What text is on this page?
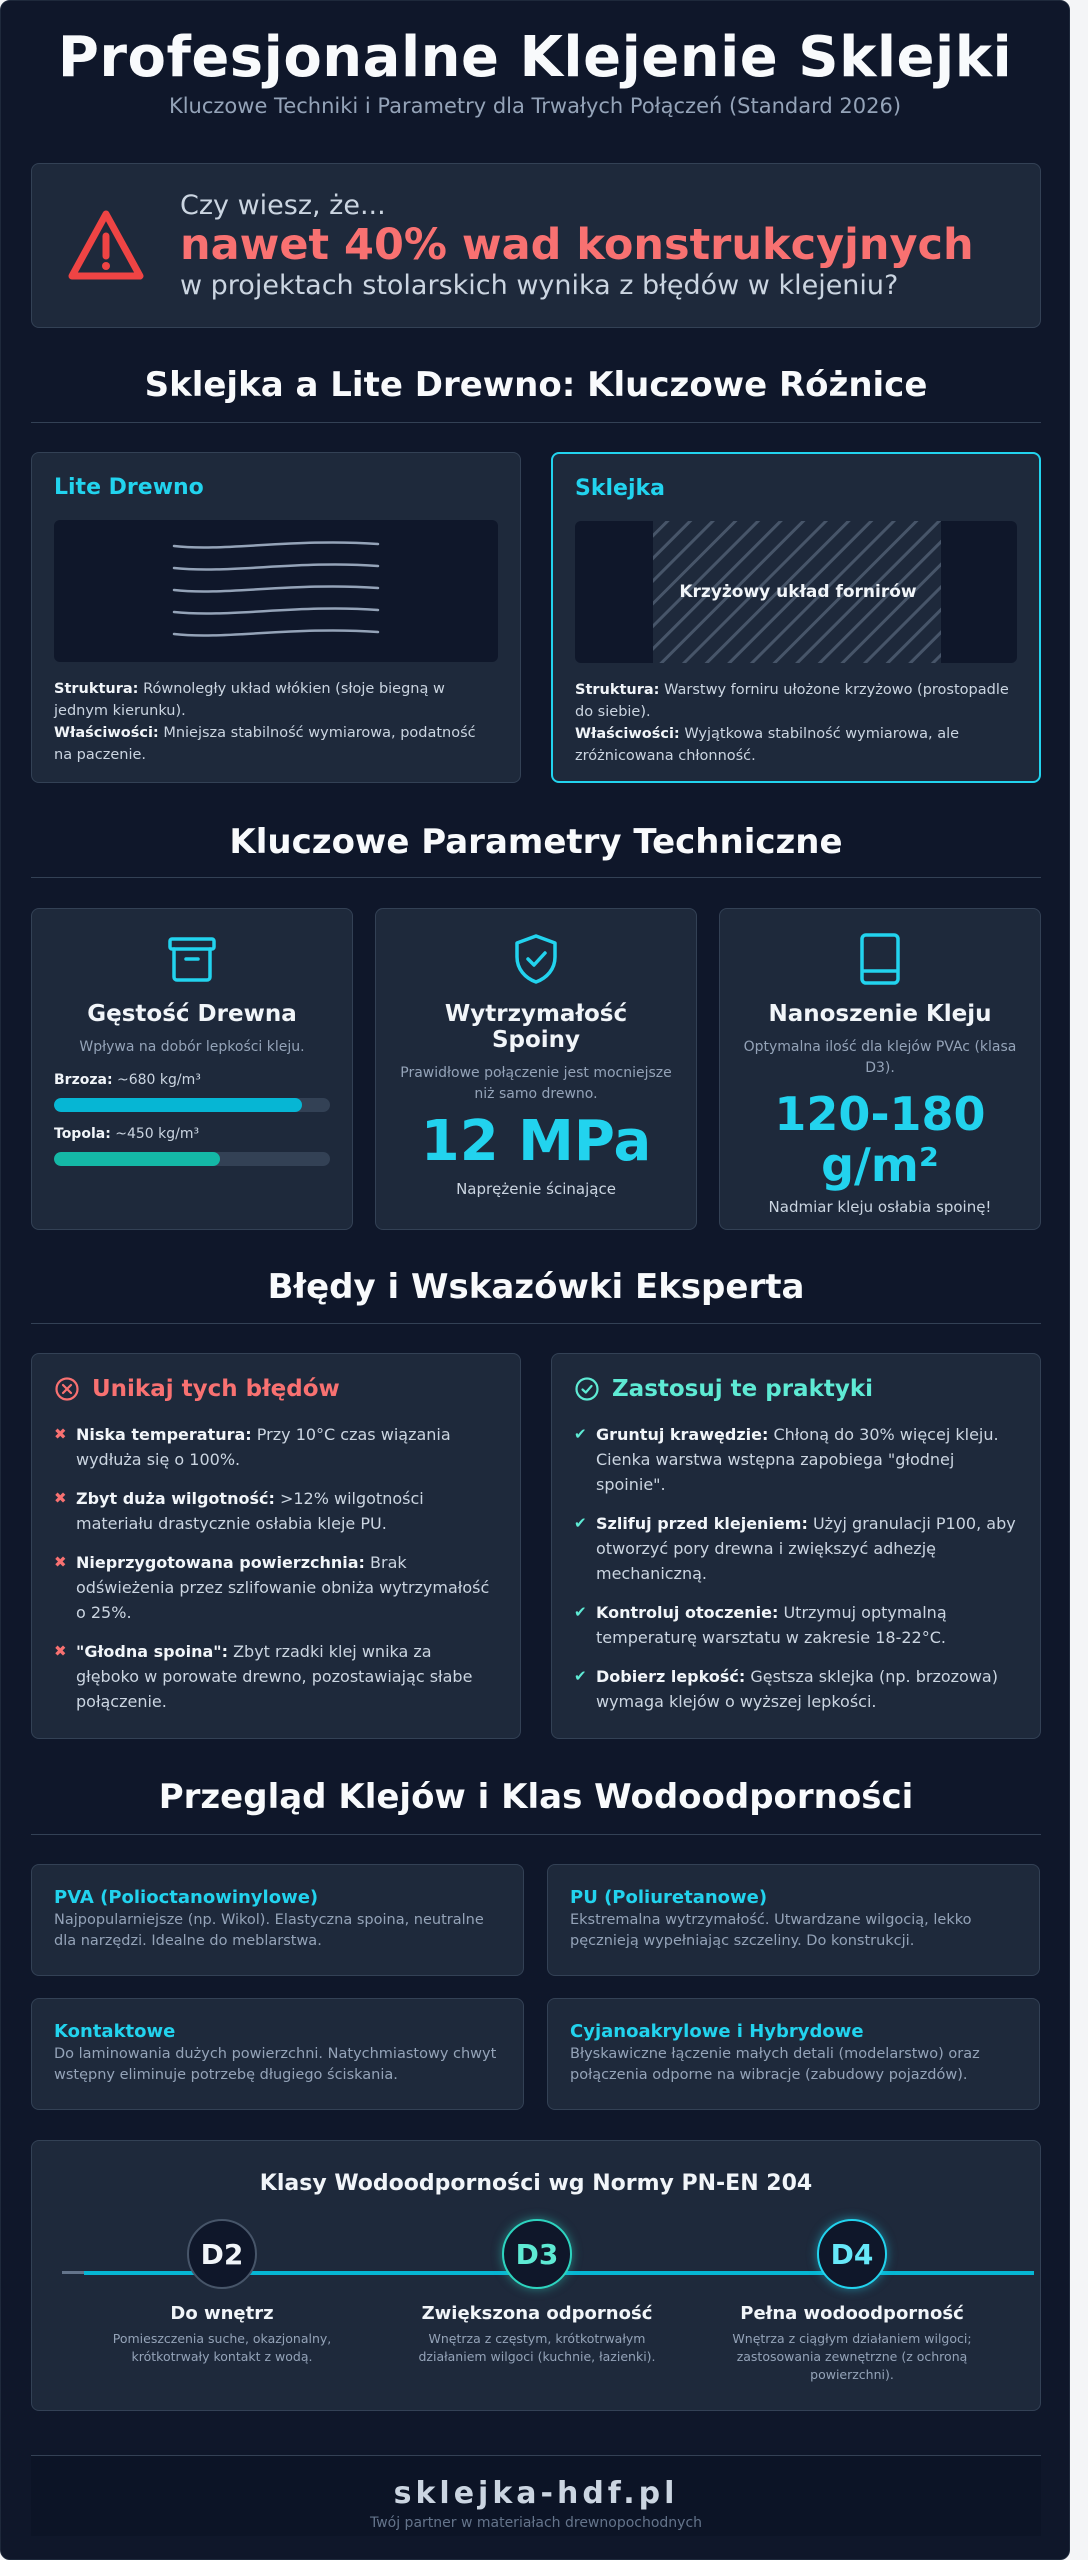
Profesjonalne Klejenie Sklejki
Kluczowe Techniki i Parametry dla Trwałych Połączeń (Standard 2026)
Czy wiesz, że...
nawet 40% wad konstrukcyjnych
w projektach stolarskich wynika z błędów w klejeniu?
Sklejka a Lite Drewno: Kluczowe Różnice
Lite Drewno
Struktura: Równoległy układ włókien (słoje biegną w jednym kierunku).
Właściwości: Mniejsza stabilność wymiarowa, podatność na paczenie.
Sklejka
Krzyżowy układ fornirów
Struktura: Warstwy forniru ułożone krzyżowo (prostopadle do siebie).
Właściwości: Wyjątkowa stabilność wymiarowa, ale zróżnicowana chłonność.
Kluczowe Parametry Techniczne
Gęstość Drewna
Wpływa na dobór lepkości kleju.
Brzoza: ~680 kg/m³
Topola: ~450 kg/m³
Wytrzymałość Spoiny
Prawidłowe połączenie jest mocniejsze niż samo drewno.
12 MPa
Naprężenie ścinające
Nanoszenie Kleju
Optymalna ilość dla klejów PVAc (klasa D3).
120-180
g/m²
Nadmiar kleju osłabia spoinę!
Błędy i Wskazówki Eksperta
Unikaj tych błędów
✖ Niska temperatura: Przy 10°C czas wiązania wydłuża się o 100%.
✖ Zbyt duża wilgotność: >12% wilgotności materiału drastycznie osłabia kleje PU.
✖ Nieprzygotowana powierzchnia: Brak odświeżenia przez szlifowanie obniża wytrzymałość o 25%.
✖ "Głodna spoina": Zbyt rzadki klej wnika za głęboko w porowate drewno, pozostawiając słabe połączenie.
Zastosuj te praktyki
✔ Gruntuj krawędzie: Chłoną do 30% więcej kleju. Cienka warstwa wstępna zapobiega "głodnej spoinie".
✔ Szlifuj przed klejeniem: Użyj granulacji P100, aby otworzyć pory drewna i zwiększyć adhezję mechaniczną.
✔ Kontroluj otoczenie: Utrzymuj optymalną temperaturę warsztatu w zakresie 18-22°C.
✔ Dobierz lepkość: Gęstsza sklejka (np. brzozowa) wymaga klejów o wyższej lepkości.
Przegląd Klejów i Klas Wodoodporności
PVA (Polioctanowinylowe)
Najpopularniejsze (np. Wikol). Elastyczna spoina, neutralne dla narzędzi. Idealne do meblarstwa.
PU (Poliuretanowe)
Ekstremalna wytrzymałość. Utwardzane wilgocią, lekko pęcznieją wypełniając szczeliny. Do konstrukcji.
Kontaktowe
Do laminowania dużych powierzchni. Natychmiastowy chwyt wstępny eliminuje potrzebę długiego ściskania.
Cyjanoakrylowe i Hybrydowe
Błyskawiczne łączenie małych detali (modelarstwo) oraz połączenia odporne na wibracje (zabudowy pojazdów).
Klasy Wodoodporności wg Normy PN-EN 204
D2
Do wnętrz
Pomieszczenia suche, okazjonalny, krótkotrwały kontakt z wodą.
D3
Zwiększona odporność
Wnętrza z częstym, krótkotrwałym działaniem wilgoci (kuchnie, łazienki).
D4
Pełna wodoodporność
Wnętrza z ciągłym działaniem wilgoci; zastosowania zewnętrzne (z ochroną powierzchni).
sklejka-hdf.pl
Twój partner w materiałach drewnopochodnych
